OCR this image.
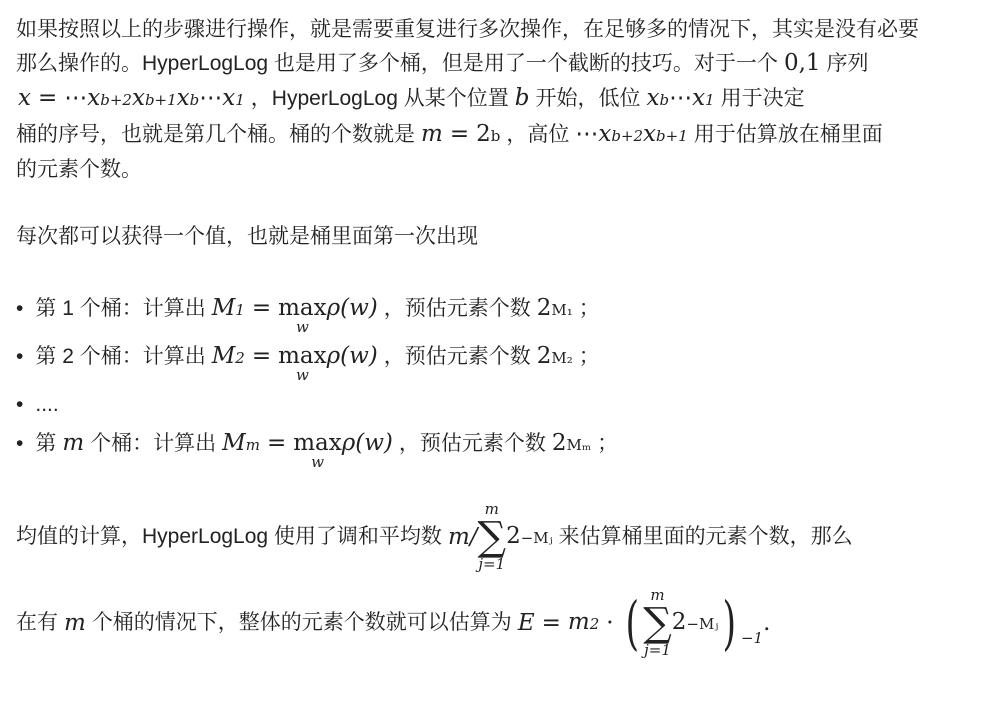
如果按照以上的步骤进行操作，就是需要重复进行多次操作，在足够多的情况下，其实是没有必要
那么操作的。HyperLogLog 也是用了多个桶，但是用了一个截断的技巧。对于一个 0,1 序列
x = ⋯ x b+2 x b+1 x b ⋯ x 1 ，HyperLogLog 从某个位置 b 开始，低位 x b ⋯ x 1 用于决定
桶的序号，也就是第几个桶。桶的个数就是 m = 2 b ，高位 ⋯ x b+2 x b+1 用于估算放在桶里面
的元素个数。
每次都可以获得一个值，也就是桶里面第一次出现
• 第 1 个桶：计算出 M 1 = max
w
ρ(w) ，预估元素个数 2 M₁ ；
• 第 2 个桶：计算出 M 2 = max
w
ρ(w) ，预估元素个数 2 M₂ ；
• ....
• 第 m 个桶：计算出 M m = max
w
ρ(w) ，预估元素个数 2 Mₘ ；
均值的计算，HyperLogLog 使用了调和平均数 m/
m
∑
j=1
2 −Mⱼ 来估算桶里面的元素个数，那么
在有 m 个桶的情况下，整体的元素个数就可以估算为 E = m 2 · ( m
∑
j=1
2 −Mⱼ ) $_{-1}$
.
